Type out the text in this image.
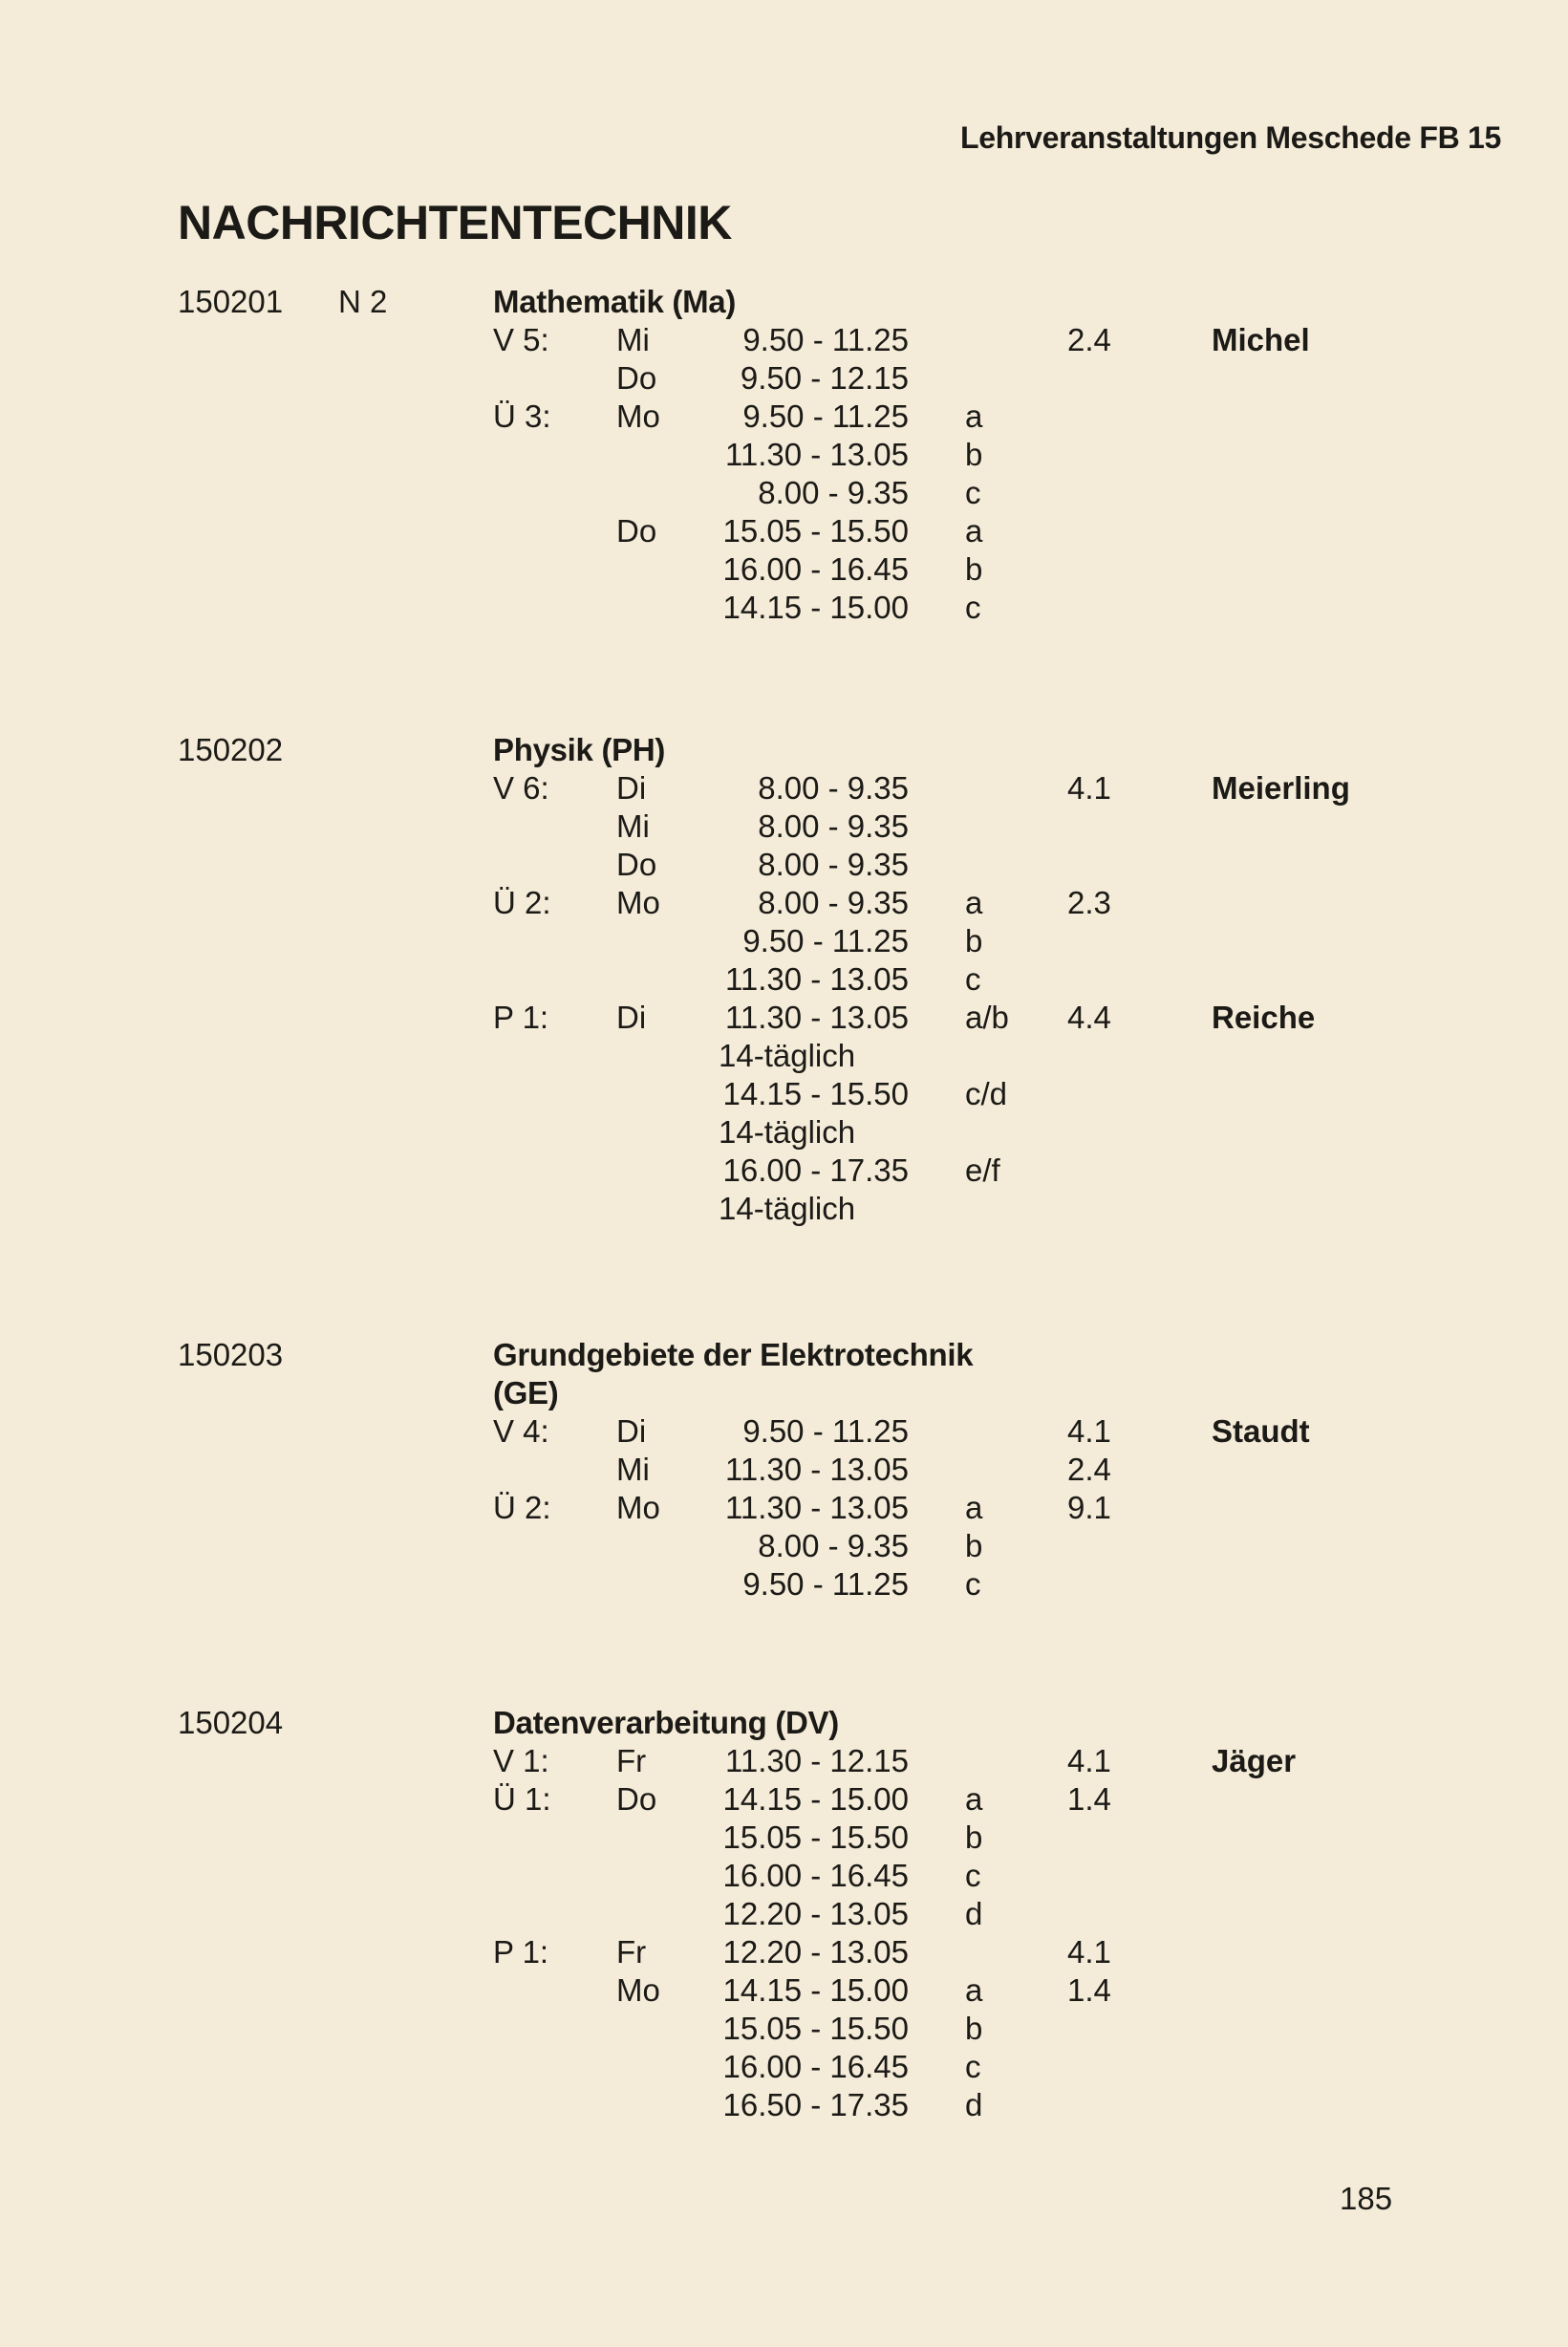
Lehrveranstaltungen Meschede FB 15
NACHRICHTENTECHNIK
150201 N 2	Mathematik (Ma)
V 5: Mi	9.50 - 11.25	2.4	Michel
Do	9.50 - 12.15
Ü 3: Mo	9.50 - 11.25 a
11.30 - 13.05 b
8.00 - 9.35 c
Do 15.05 - 15.50 a
16.00 - 16.45 b
14.15 - 15.00 c
150202	Physik (PH)
V 6: Di	8.00 - 9.35	4.1	Meierling
Mi	8.00 - 9.35
Do	8.00 - 9.35
Ü 2: Mo	8.00 - 9.35 a	2.3
9.50 - 11.25 b
11.30 - 13.05 c
P 1: Di	11.30 - 13.05 a/b 4.4	Reiche
14-täglich
14.15 - 15.50 c/d
14-täglich
16.00 - 17.35 e/f
14-täglich
150203	Grundgebiete der Elektrotechnik (GE)
V 4: Di	9.50 - 11.25	4.1	Staudt
Mi 11.30 - 13.05	2.4
Ü 2: Mo 11.30 - 13.05 a	9.1
8.00 - 9.35 b
9.50 - 11.25 c
150204	Datenverarbeitung (DV)
V 1: Fr	11.30 - 12.15	4.1	Jäger
Ü 1: Do 14.15 - 15.00 a	1.4
15.05 - 15.50 b
16.00 - 16.45 c
12.20 - 13.05 d
P 1: Fr 12.20 - 13.05	4.1
Mo 14.15 - 15.00 a	1.4
15.05 - 15.50 b
16.00 - 16.45 c
16.50 - 17.35 d
185
